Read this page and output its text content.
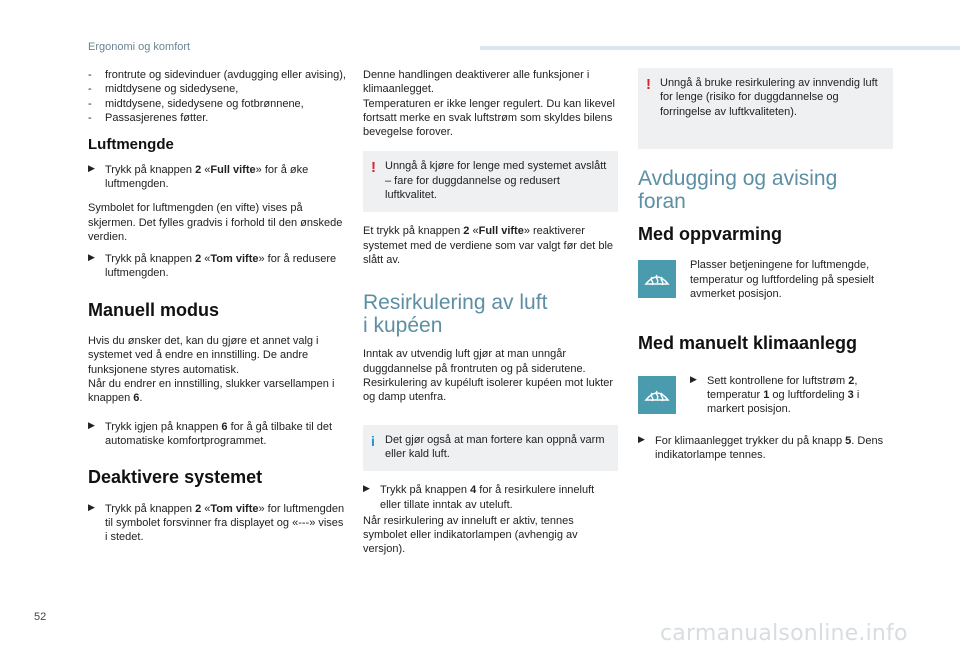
Ergonomi og komfort
- frontrute og sidevinduer (avdugging eller avising),
- midtdysene og sidedysene,
- midtdysene, sidedysene og fotbrønnene,
- Passasjerenes føtter.
Luftmengde
▶ Trykk på knappen 2 «Full vifte» for å øke luftmengden.

Symbolet for luftmengden (en vifte) vises på skjermen. Det fylles gradvis i forhold til den ønskede verdien.

▶ Trykk på knappen 2 «Tom vifte» for å redusere luftmengden.
Manuell modus

Hvis du ønsker det, kan du gjøre et annet valg i systemet ved å endre en innstilling. De andre funksjonene styres automatisk.
Når du endrer en innstilling, slukker varsellampen i knappen 6.

▶ Trykk igjen på knappen 6 for å gå tilbake til det automatiske komfortprogrammet.
Deaktivere systemet
▶ Trykk på knappen 2 «Tom vifte» for luftmengden til symbolet forsvinner fra displayet og «---» vises i stedet.

Denne handlingen deaktiverer alle funksjoner i klimaanlegget.
Temperaturen er ikke lenger regulert. Du kan likevel fortsatt merke en svak luftstrøm som skyldes bilens bevegelse forover.

! Unngå å kjøre for lenge med systemet avslått – fare for duggdannelse og redusert luftkvalitet.

Et trykk på knappen 2 «Full vifte» reaktiverer systemet med de verdiene som var valgt før det ble slått av.

Resirkulering av luft
i kupéen

Inntak av utvendig luft gjør at man unngår duggdannelse på frontruten og på siderutene. Resirkulering av kupéluft isolerer kupéen mot lukter og damp utenfra.

i Det gjør også at man fortere kan oppnå varm eller kald luft.
▶ Trykk på knappen 4 for å resirkulere inneluft eller tillate inntak av uteluft.

Når resirkulering av inneluft er aktiv, tennes symbolet eller indikatorlampen (avhengig av versjon).

! Unngå å bruke resirkulering av innvendig luft for lenge (risiko for duggdannelse og forringelse av luftkvaliteten).
Avdugging og avising
foran
Med oppvarming
Plasser betjeningene for luftmengde, temperatur og luftfordeling på spesielt avmerket posisjon.
Med manuelt klimaanlegg
▶ Sett kontrollene for luftstrøm 2, temperatur 1 og luftfordeling 3 i markert posisjon.
▶ For klimaanlegget trykker du på knapp 5. Dens indikatorlampe tennes.
52
carmanualsonline.info
